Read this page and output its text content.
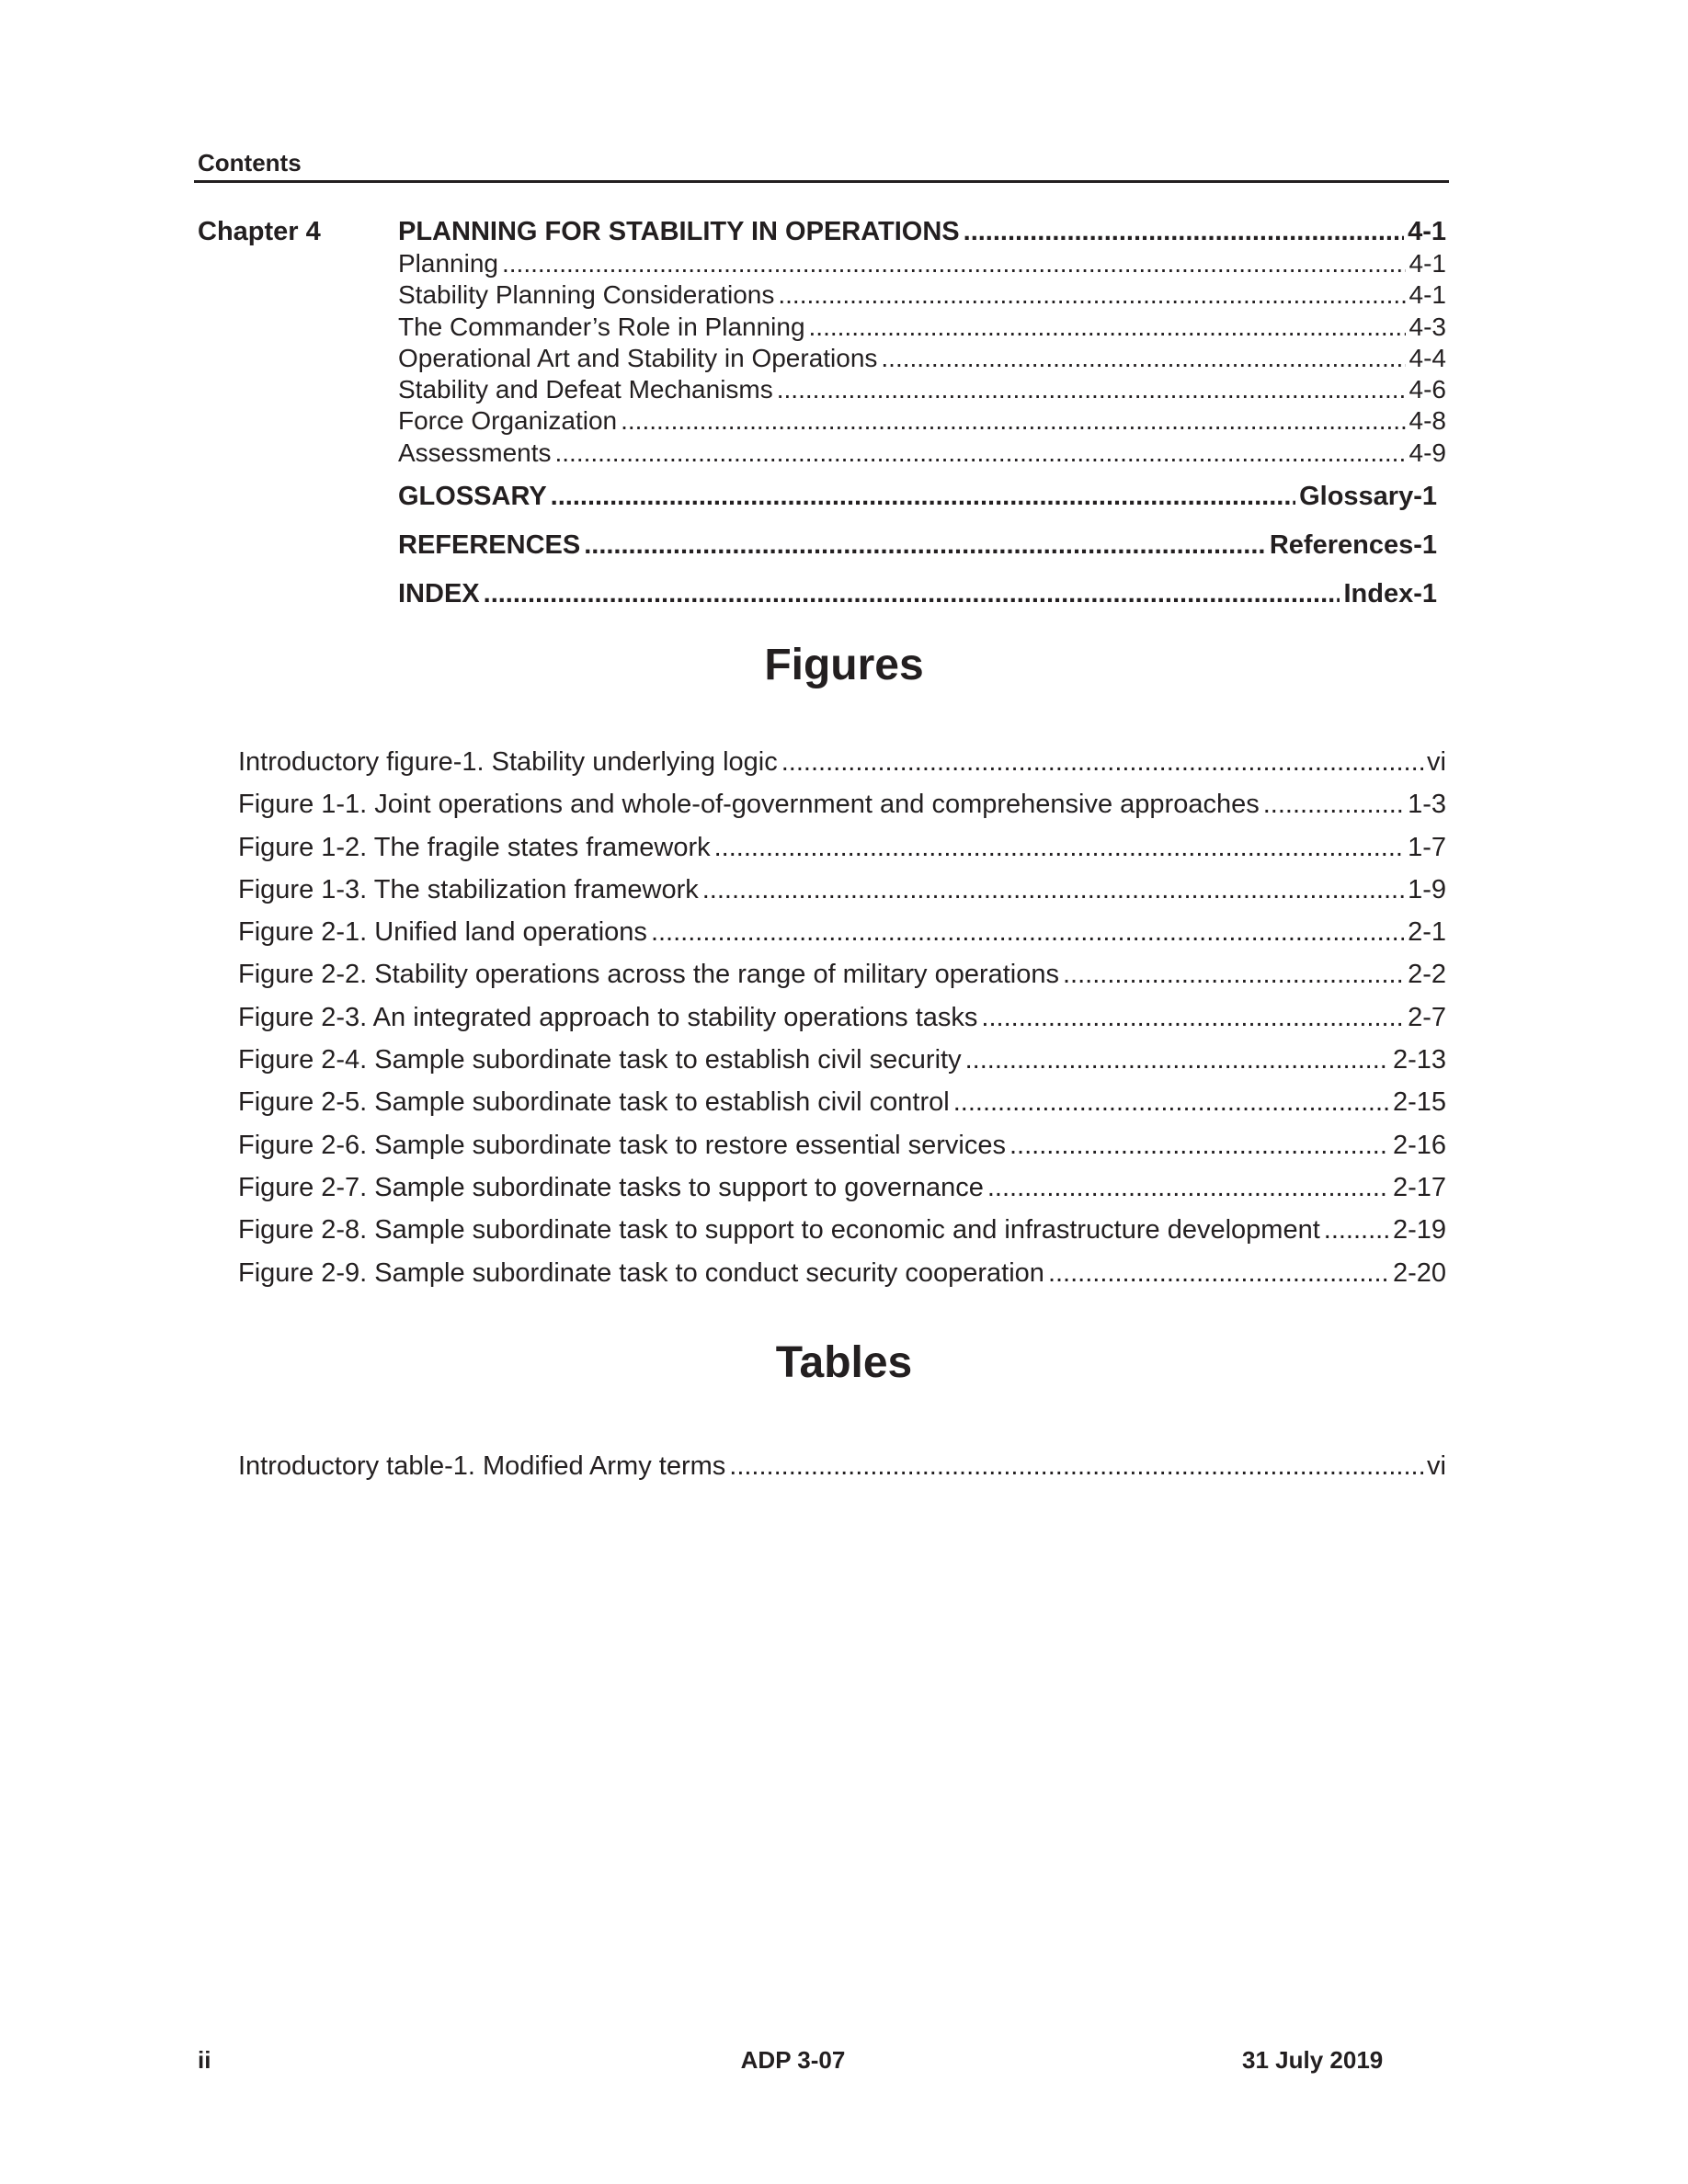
Contents
Chapter 4	PLANNING FOR STABILITY IN OPERATIONS .....	4-1
Planning .....	4-1
Stability Planning Considerations .....	4-1
The Commander’s Role in Planning .....	4-3
Operational Art and Stability in Operations .....	4-4
Stability and Defeat Mechanisms .....	4-6
Force Organization .....	4-8
Assessments .....	4-9
GLOSSARY .....	Glossary-1
REFERENCES .....	References-1
INDEX .....	Index-1
Figures
Introductory figure-1. Stability underlying logic .....	vi
Figure 1-1. Joint operations and whole-of-government and comprehensive approaches .....	1-3
Figure 1-2. The fragile states framework .....	1-7
Figure 1-3. The stabilization framework .....	1-9
Figure 2-1. Unified land operations .....	2-1
Figure 2-2. Stability operations across the range of military operations .....	2-2
Figure 2-3. An integrated approach to stability operations tasks .....	2-7
Figure 2-4. Sample subordinate task to establish civil security .....	2-13
Figure 2-5. Sample subordinate task to establish civil control .....	2-15
Figure 2-6. Sample subordinate task to restore essential services .....	2-16
Figure 2-7. Sample subordinate tasks to support to governance .....	2-17
Figure 2-8. Sample subordinate task to support to economic and infrastructure development .....	2-19
Figure 2-9. Sample subordinate task to conduct security cooperation .....	2-20
Tables
Introductory table-1. Modified Army terms .....	vi
ii	ADP 3-07	31 July 2019
